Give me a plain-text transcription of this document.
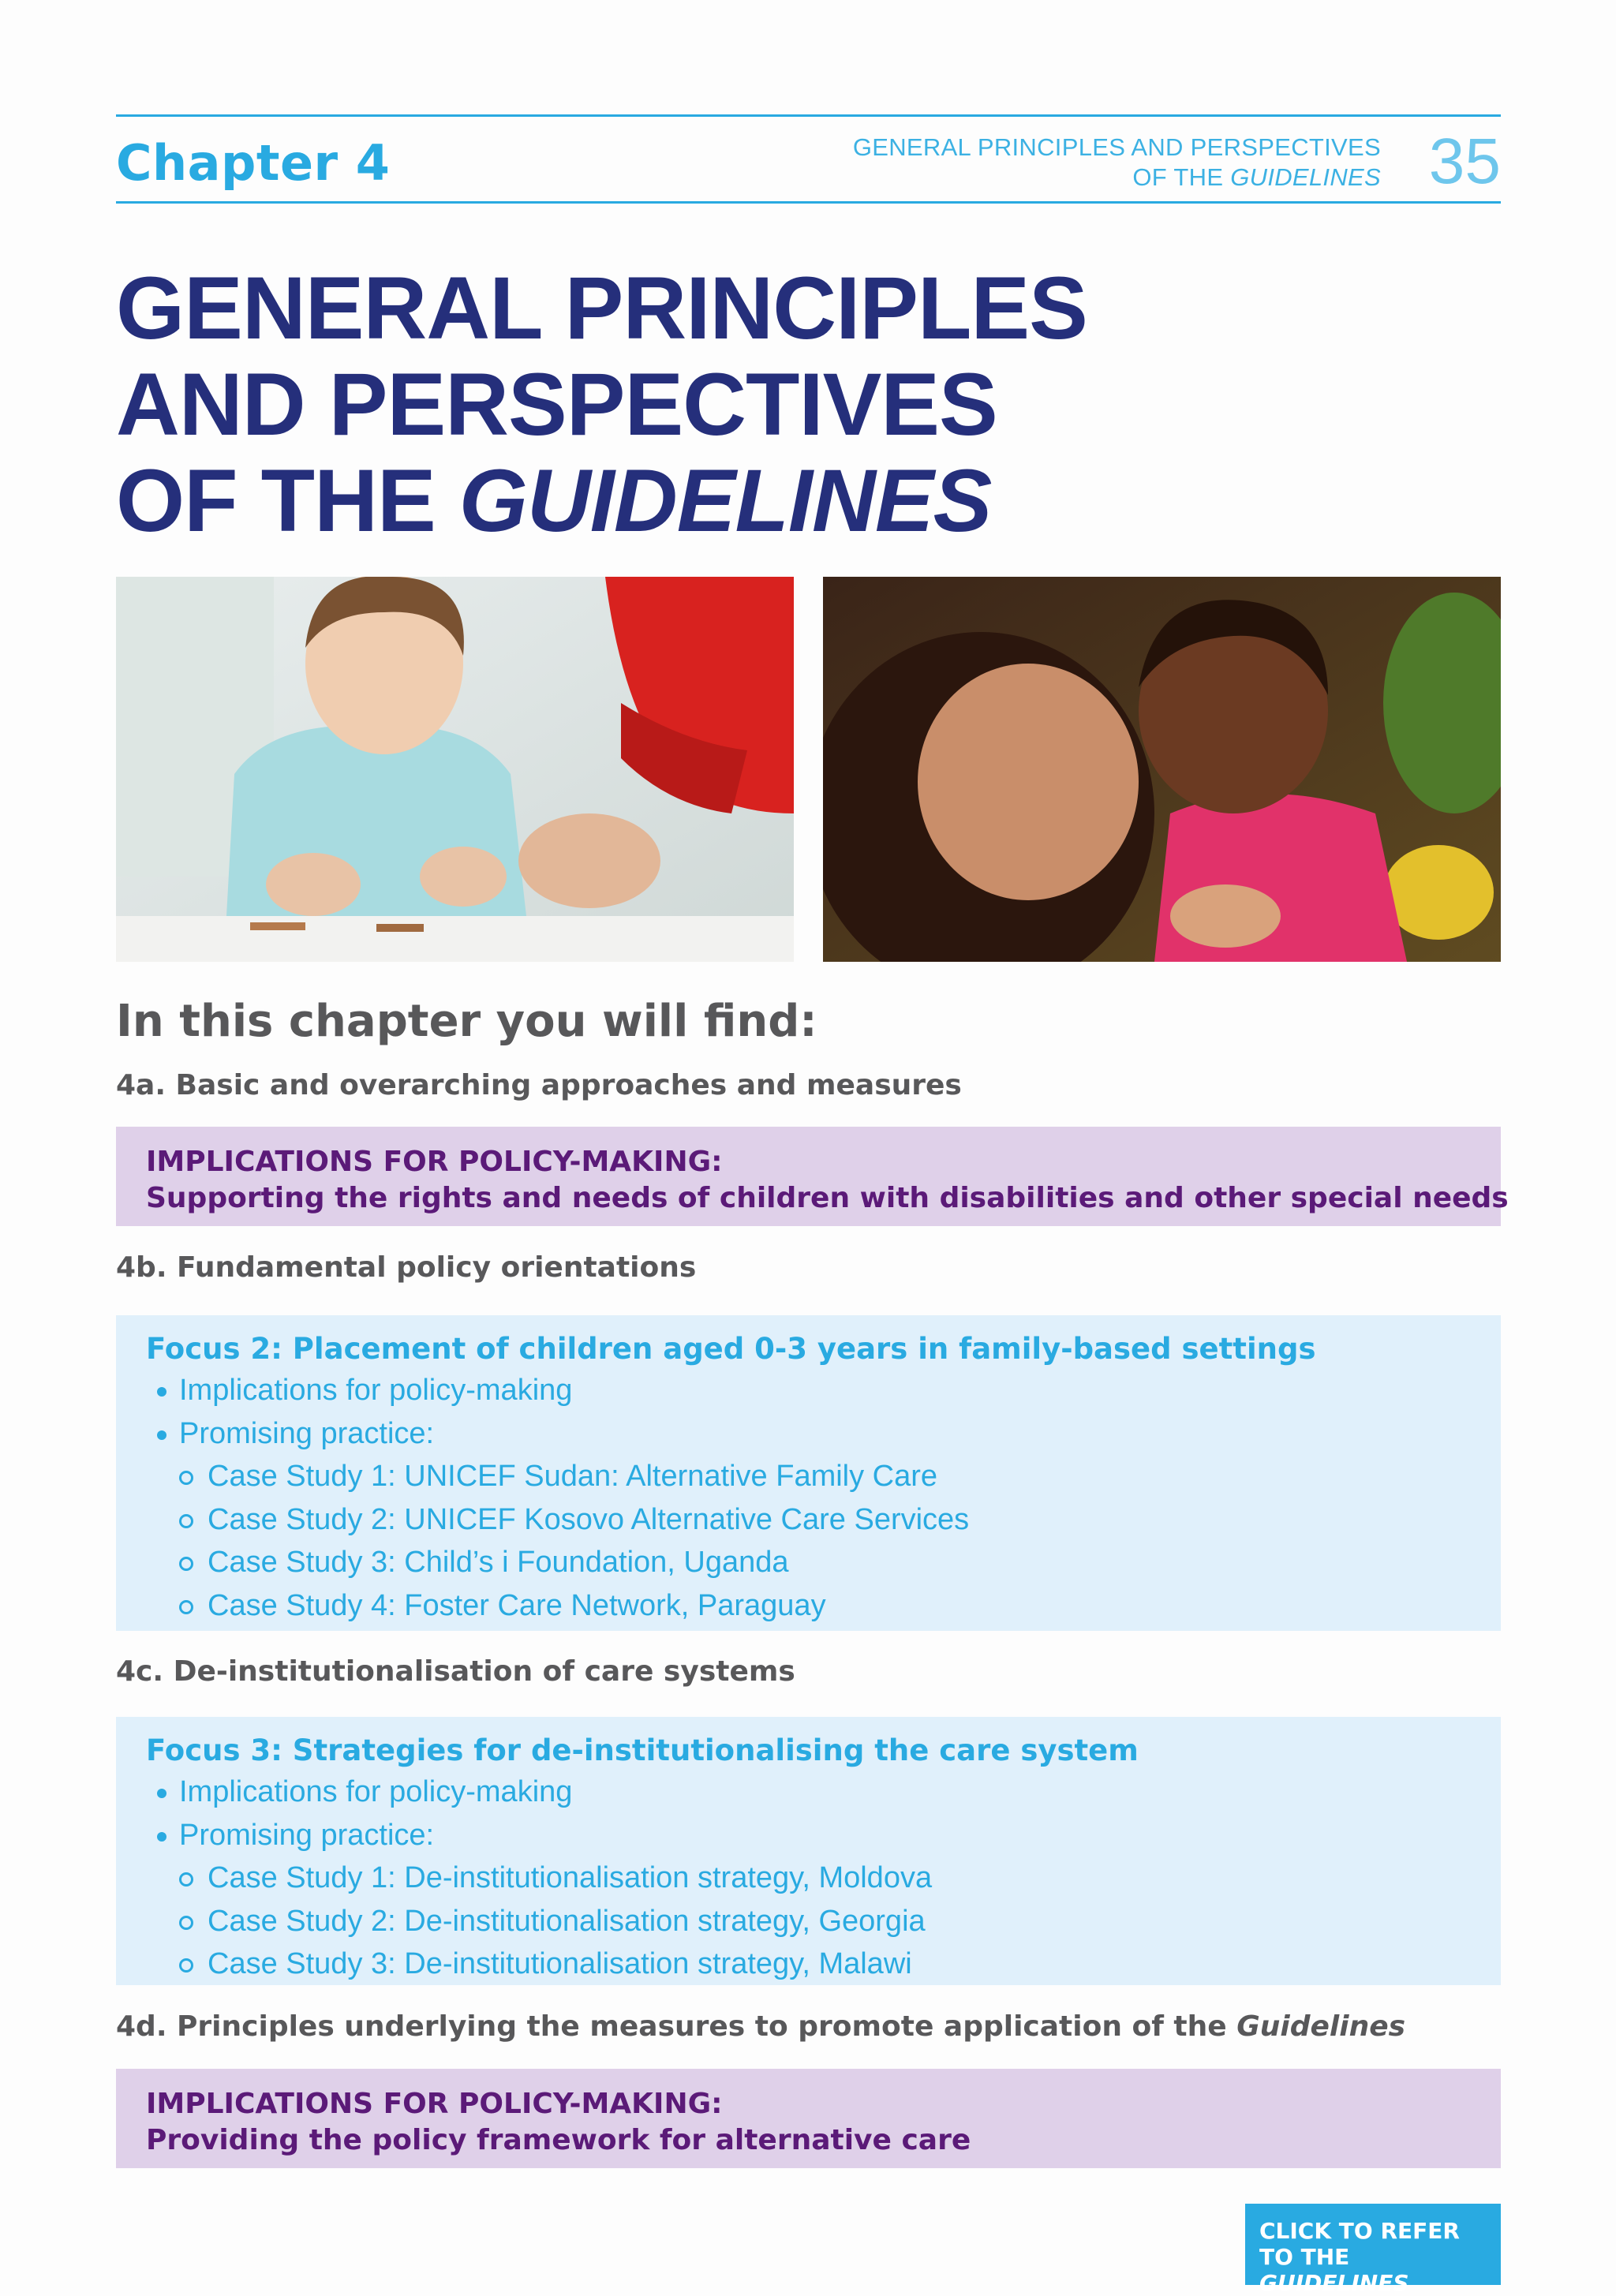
Chapter 4	GENERAL PRINCIPLES AND PERSPECTIVES
OF THE GUIDELINES 35
GENERAL PRINCIPLES
AND PERSPECTIVES
OF THE GUIDELINES
In this chapter you will find:
4a. Basic and overarching approaches and measures
IMPLICATIONS FOR POLICY-MAKING:
Supporting the rights and needs of children with disabilities and other special needs
4b. Fundamental policy orientations
Focus 2: Placement of children aged 0-3 years in family-based settings
Implications for policy-making
Promising practice:
Case Study 1: UNICEF Sudan: Alternative Family Care
Case Study 2: UNICEF Kosovo Alternative Care Services
Case Study 3: Child’s i Foundation, Uganda
Case Study 4: Foster Care Network, Paraguay
4c. De-institutionalisation of care systems
Focus 3: Strategies for de-institutionalising the care system
Implications for policy-making
Promising practice:
Case Study 1: De-institutionalisation strategy, Moldova
Case Study 2: De-institutionalisation strategy, Georgia
Case Study 3: De-institutionalisation strategy, Malawi
4d. Principles underlying the measures to promote application of the Guidelines
IMPLICATIONS FOR POLICY-MAKING:
Providing the policy framework for alternative care
CLICK TO REFER
TO THE GUIDELINES
